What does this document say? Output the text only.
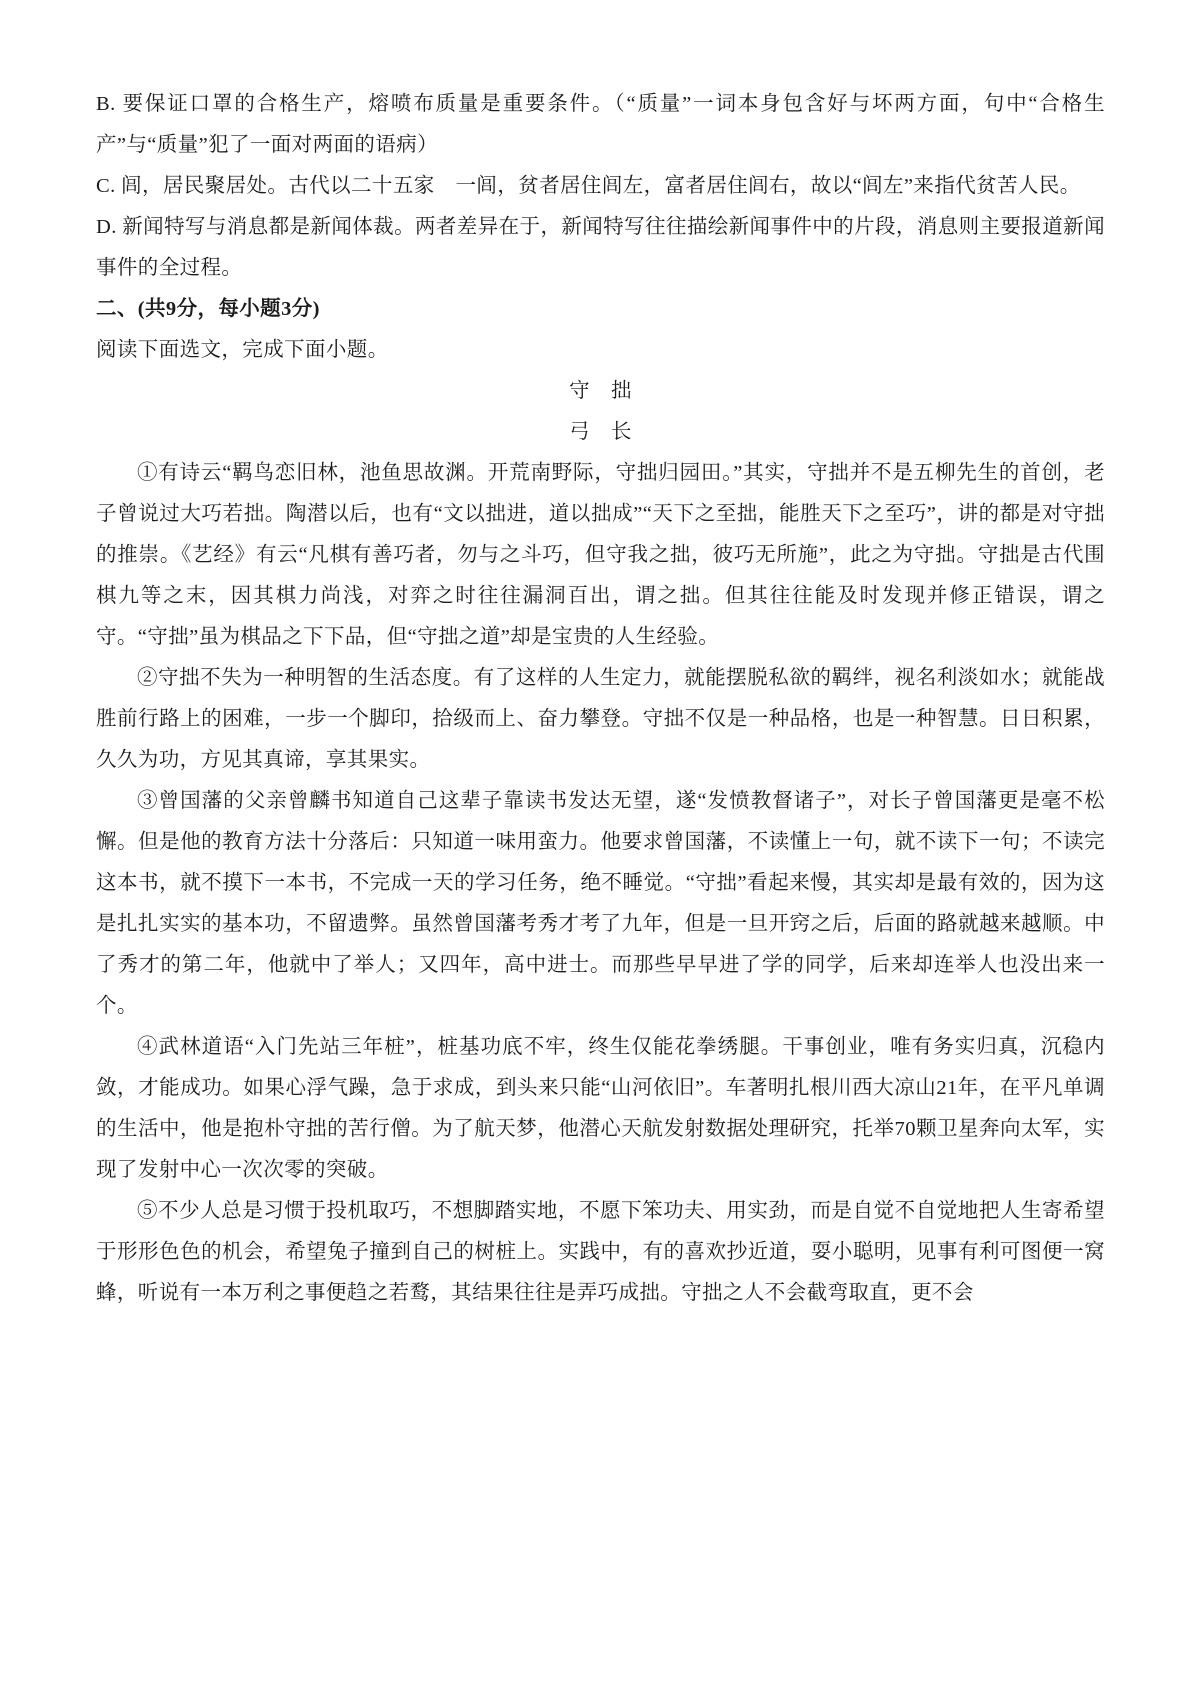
B. 要保证口罩的合格生产，熔喷布质量是重要条件。（“质量”一词本身包含好与坏两方面，句中“合格生产”与“质量”犯了一面对两面的语病）

C. 闾，居民聚居处。古代以二十五家　一闾，贫者居住闾左，富者居住闾右，故以“闾左”来指代贫苦人民。

D. 新闻特写与消息都是新闻体裁。两者差异在于，新闻特写往往描绘新闻事件中的片段，消息则主要报道新闻事件的全过程。

二、(共9分，每小题3分)

阅读下面选文，完成下面小题。

守　拙

弓　长

①有诗云“羁鸟恋旧林，池鱼思故渊。开荒南野际，守拙归园田。”其实，守拙并不是五柳先生的首创，老子曾说过大巧若拙。陶潜以后，也有“文以拙进，道以拙成”“天下之至拙，能胜天下之至巧”，讲的都是对守拙的推崇。《艺经》有云“凡棋有善巧者，勿与之斗巧，但守我之拙，彼巧无所施”，此之为守拙。守拙是古代围棋九等之末，因其棋力尚浅，对弈之时往往漏洞百出，谓之拙。但其往往能及时发现并修正错误，谓之守。“守拙”虽为棋品之下下品，但“守拙之道”却是宝贵的人生经验。

②守拙不失为一种明智的生活态度。有了这样的人生定力，就能摆脱私欲的羁绊，视名利淡如水；就能战胜前行路上的困难，一步一个脚印，拾级而上、奋力攀登。守拙不仅是一种品格，也是一种智慧。日日积累，久久为功，方见其真谛，享其果实。

③曾国藩的父亲曾麟书知道自己这辈子靠读书发达无望，遂“发愤教督诸子”，对长子曾国藩更是毫不松懈。但是他的教育方法十分落后：只知道一味用蛮力。他要求曾国藩，不读懂上一句，就不读下一句；不读完这本书，就不摸下一本书，不完成一天的学习任务，绝不睡觉。“守拙”看起来慢，其实却是最有效的，因为这是扎扎实实的基本功，不留遗弊。虽然曾国藩考秀才考了九年，但是一旦开窍之后，后面的路就越来越顺。中了秀才的第二年，他就中了举人；又四年，高中进士。而那些早早进了学的同学，后来却连举人也没出来一个。

④武林道语“入门先站三年桩”，桩基功底不牢，终生仅能花拳绣腿。干事创业，唯有务实归真，沉稳内敛，才能成功。如果心浮气躁，急于求成，到头来只能“山河依旧”。车著明扎根川西大凉山21年，在平凡单调的生活中，他是抱朴守拙的苦行僧。为了航天梦，他潜心天航发射数据处理研究，托举70颗卫星奔向太军，实现了发射中心一次次零的突破。

⑤不少人总是习惯于投机取巧，不想脚踏实地，不愿下笨功夫、用实劲，而是自觉不自觉地把人生寄希望于形形色色的机会，希望兔子撞到自己的树桩上。实践中，有的喜欢抄近道，耍小聪明，见事有利可图便一窝蜂，听说有一本万利之事便趋之若鹜，其结果往往是弄巧成拙。守拙之人不会截弯取直，更不会
